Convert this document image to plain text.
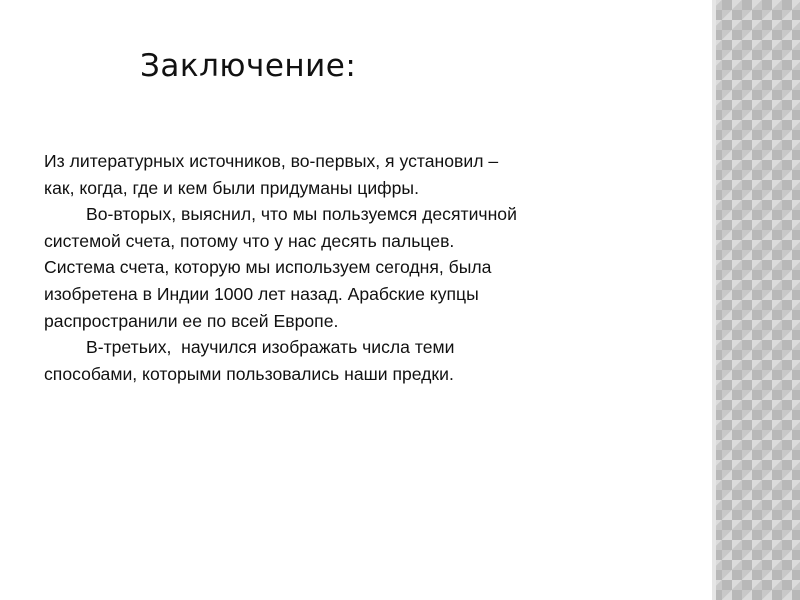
Заключение:

Из литературных источников, во-первых, я установил –

как, когда, где и кем были придуманы цифры.

Во-вторых, выяснил, что мы пользуемся десятичной

системой счета, потому что у нас десять пальцев.

Система счета, которую мы используем сегодня, была

изобретена в Индии 1000 лет назад. Арабские купцы

распространили ее по всей Европе.

В-третьих,  научился изображать числа теми

способами, которыми пользовались наши предки.
